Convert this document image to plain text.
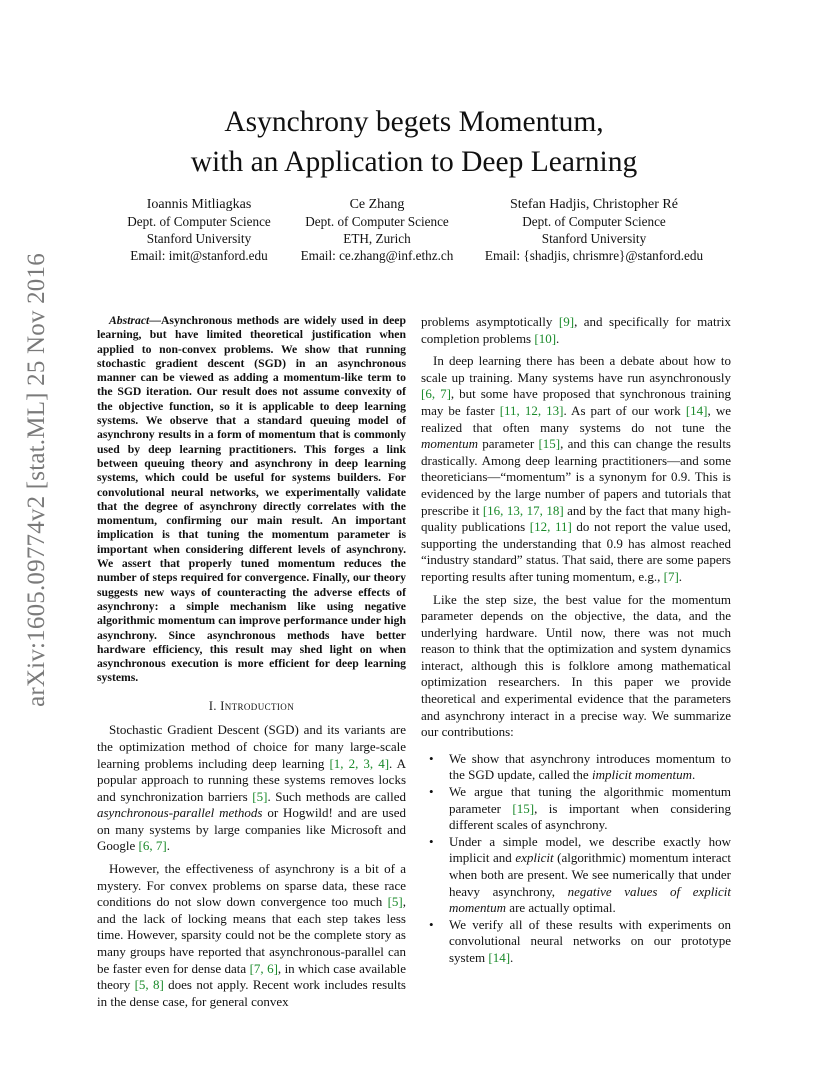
arXiv:1605.09774v2 [stat.ML] 25 Nov 2016
Asynchrony begets Momentum,
with an Application to Deep Learning
Ioannis Mitliagkas
Dept. of Computer Science
Stanford University
Email: imit@stanford.edu
Ce Zhang
Dept. of Computer Science
ETH, Zurich
Email: ce.zhang@inf.ethz.ch
Stefan Hadjis, Christopher Ré
Dept. of Computer Science
Stanford University
Email: {shadjis, chrismre}@stanford.edu

Abstract—Asynchronous methods are widely used in deep learning, but have limited theoretical justification when applied to non-convex problems. We show that running stochastic gradient descent (SGD) in an asynchronous manner can be viewed as adding a momentum-like term to the SGD iteration. Our result does not assume convexity of the objective function, so it is applicable to deep learning systems. We observe that a standard queuing model of asynchrony results in a form of momentum that is commonly used by deep learning practitioners. This forges a link between queuing theory and asynchrony in deep learning systems, which could be useful for systems builders. For convolutional neural networks, we experimentally validate that the degree of asynchrony directly correlates with the momentum, confirming our main result. An important implication is that tuning the momentum parameter is important when considering different levels of asynchrony. We assert that properly tuned momentum reduces the number of steps required for convergence. Finally, our theory suggests new ways of counteracting the adverse effects of asynchrony: a simple mechanism like using negative algorithmic momentum can improve performance under high asynchrony. Since asynchronous methods have better hardware efficiency, this result may shed light on when asynchronous execution is more efficient for deep learning systems.

I. Introduction

Stochastic Gradient Descent (SGD) and its variants are the optimization method of choice for many large-scale learning problems including deep learning [1, 2, 3, 4]. A popular approach to running these systems removes locks and synchronization barriers [5]. Such methods are called asynchronous-parallel methods or Hogwild! and are used on many systems by large companies like Microsoft and Google [6, 7].

However, the effectiveness of asynchrony is a bit of a mystery. For convex problems on sparse data, these race conditions do not slow down convergence too much [5], and the lack of locking means that each step takes less time. However, sparsity could not be the complete story as many groups have reported that asynchronous-parallel can be faster even for dense data [7, 6], in which case available theory [5, 8] does not apply. Recent work includes results in the dense case, for general convex

problems asymptotically [9], and specifically for matrix completion problems [10].

In deep learning there has been a debate about how to scale up training. Many systems have run asynchronously [6, 7], but some have proposed that synchronous training may be faster [11, 12, 13]. As part of our work [14], we realized that often many systems do not tune the momentum parameter [15], and this can change the results drastically. Among deep learning practitioners—and some theoreticians—“momentum” is a synonym for 0.9. This is evidenced by the large number of papers and tutorials that prescribe it [16, 13, 17, 18] and by the fact that many high-quality publications [12, 11] do not report the value used, supporting the understanding that 0.9 has almost reached “industry standard” status. That said, there are some papers reporting results after tuning momentum, e.g., [7].

Like the step size, the best value for the momentum parameter depends on the objective, the data, and the underlying hardware. Until now, there was not much reason to think that the optimization and system dynamics interact, although this is folklore among mathematical optimization researchers. In this paper we provide theoretical and experimental evidence that the parameters and asynchrony interact in a precise way. We summarize our contributions:

• We show that asynchrony introduces momentum to the SGD update, called the implicit momentum.
• We argue that tuning the algorithmic momentum parameter [15], is important when considering different scales of asynchrony.
• Under a simple model, we describe exactly how implicit and explicit (algorithmic) momentum interact when both are present. We see numerically that under heavy asynchrony, negative values of explicit momentum are actually optimal.
• We verify all of these results with experiments on convolutional neural networks on our prototype system [14].
